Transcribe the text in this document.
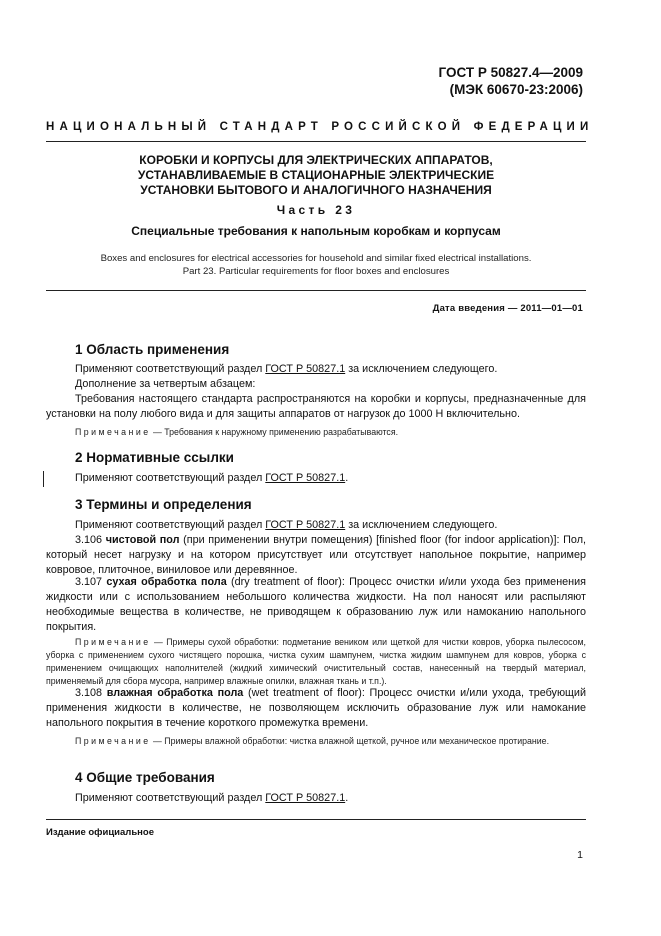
ГОСТ Р 50827.4—2009
(МЭК 60670-23:2006)
НАЦИОНАЛЬНЫЙ СТАНДАРТ РОССИЙСКОЙ ФЕДЕРАЦИИ
КОРОБКИ И КОРПУСЫ ДЛЯ ЭЛЕКТРИЧЕСКИХ АППАРАТОВ,
УСТАНАВЛИВАЕМЫЕ В СТАЦИОНАРНЫЕ ЭЛЕКТРИЧЕСКИЕ
УСТАНОВКИ БЫТОВОГО И АНАЛОГИЧНОГО НАЗНАЧЕНИЯ
Часть 23
Специальные требования к напольным коробкам и корпусам
Boxes and enclosures for electrical accessories for household and similar fixed electrical installations.
Part 23. Particular requirements for floor boxes and enclosures
Дата введения — 2011—01—01
1 Область применения
Применяют соответствующий раздел ГОСТ Р 50827.1 за исключением следующего.
Дополнение за четвертым абзацем:
Требования настоящего стандарта распространяются на коробки и корпусы, предназначенные для установки на полу любого вида и для защиты аппаратов от нагрузок до 1000 Н включительно.
Примечание — Требования к наружному применению разрабатываются.
2 Нормативные ссылки
Применяют соответствующий раздел ГОСТ Р 50827.1.
3 Термины и определения
Применяют соответствующий раздел ГОСТ Р 50827.1 за исключением следующего.
3.106 чистовой пол (при применении внутри помещения) [finished floor (for indoor application)]: Пол, который несет нагрузку и на котором присутствует или отсутствует напольное покрытие, например ковровое, плиточное, виниловое или деревянное.
3.107 сухая обработка пола (dry treatment of floor): Процесс очистки и/или ухода без применения жидкости или с использованием небольшого количества жидкости. На пол наносят или распыляют необходимые вещества в количестве, не приводящем к образованию луж или намоканию напольного покрытия.
Примечание — Примеры сухой обработки: подметание веником или щеткой для чистки ковров, уборка пылесосом, уборка с применением сухого чистящего порошка, чистка сухим шампунем, чистка жидким шампунем для ковров, уборка с применением очищающих наполнителей (жидкий химический очистительный состав, нанесенный на твердый материал, применяемый для сбора мусора, например влажные опилки, влажная ткань и т.п.).
3.108 влажная обработка пола (wet treatment of floor): Процесс очистки и/или ухода, требующий применения жидкости в количестве, не позволяющем исключить образование луж или намокание напольного покрытия в течение короткого промежутка времени.
Примечание — Примеры влажной обработки: чистка влажной щеткой, ручное или механическое протирание.
4 Общие требования
Применяют соответствующий раздел ГОСТ Р 50827.1.
Издание официальное
1
